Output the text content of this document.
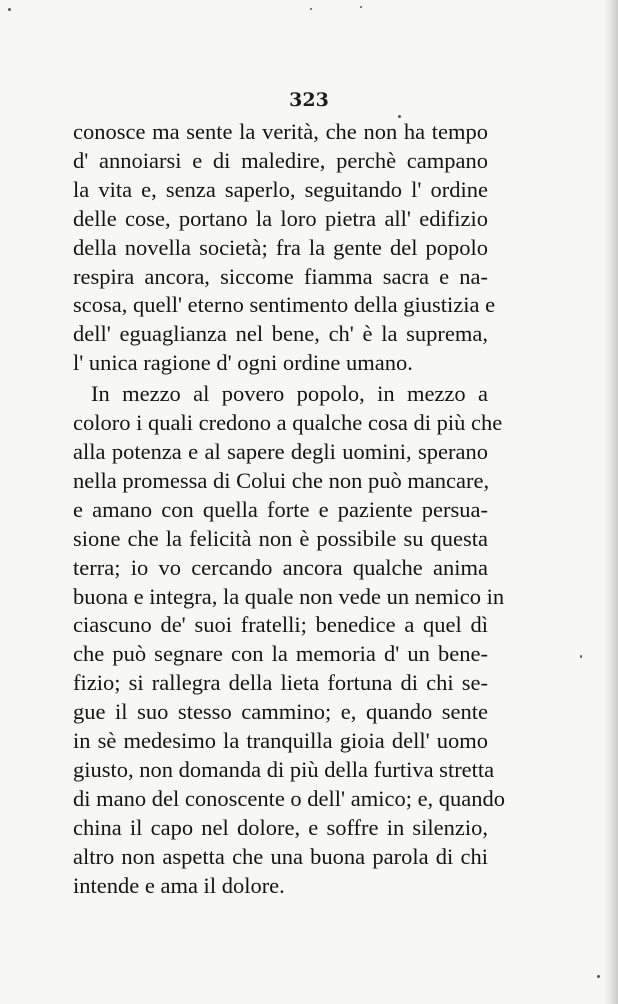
323
conosce ma sente la verità, che non ha tempo
d' annoiarsi e di maledire, perchè campano
la vita e, senza saperlo, seguitando l' ordine
delle cose, portano la loro pietra all' edifizio
della novella società; fra la gente del popolo
respira ancora, siccome fiamma sacra e na-
scosa, quell' eterno sentimento della giustizia e
dell' eguaglianza nel bene, ch' è la suprema,
l' unica ragione d' ogni ordine umano.
In mezzo al povero popolo, in mezzo a
coloro i quali credono a qualche cosa di più che
alla potenza e al sapere degli uomini, sperano
nella promessa di Colui che non può mancare,
e amano con quella forte e paziente persua-
sione che la felicità non è possibile su questa
terra; io vo cercando ancora qualche anima
buona e integra, la quale non vede un nemico in
ciascuno de' suoi fratelli; benedice a quel dì
che può segnare con la memoria d' un bene-
fizio; si rallegra della lieta fortuna di chi se-
gue il suo stesso cammino; e, quando sente
in sè medesimo la tranquilla gioia dell' uomo
giusto, non domanda di più della furtiva stretta
di mano del conoscente o dell' amico; e, quando
china il capo nel dolore, e soffre in silenzio,
altro non aspetta che una buona parola di chi
intende e ama il dolore.
